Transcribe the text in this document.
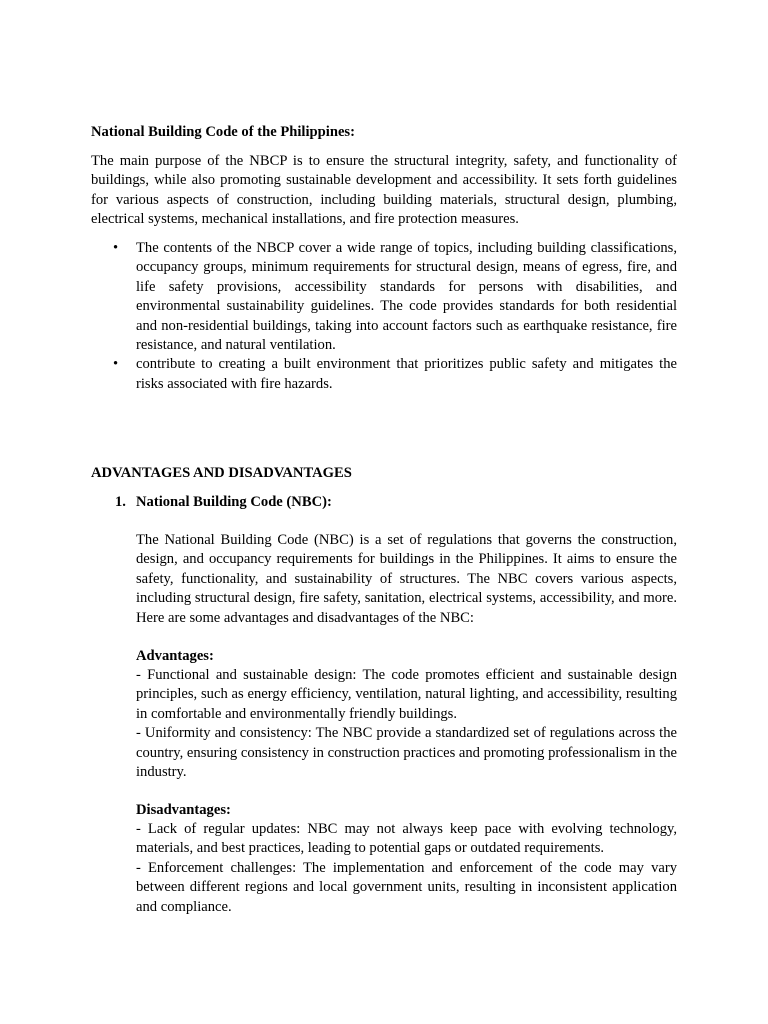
National Building Code of the Philippines:
The main purpose of the NBCP is to ensure the structural integrity, safety, and functionality of buildings, while also promoting sustainable development and accessibility. It sets forth guidelines for various aspects of construction, including building materials, structural design, plumbing, electrical systems, mechanical installations, and fire protection measures.
• The contents of the NBCP cover a wide range of topics, including building classifications, occupancy groups, minimum requirements for structural design, means of egress, fire, and life safety provisions, accessibility standards for persons with disabilities, and environmental sustainability guidelines. The code provides standards for both residential and non-residential buildings, taking into account factors such as earthquake resistance, fire resistance, and natural ventilation.
• contribute to creating a built environment that prioritizes public safety and mitigates the risks associated with fire hazards.
ADVANTAGES AND DISADVANTAGES
1. National Building Code (NBC):
The National Building Code (NBC) is a set of regulations that governs the construction, design, and occupancy requirements for buildings in the Philippines. It aims to ensure the safety, functionality, and sustainability of structures. The NBC covers various aspects, including structural design, fire safety, sanitation, electrical systems, accessibility, and more. Here are some advantages and disadvantages of the NBC:
Advantages:

- Functional and sustainable design: The code promotes efficient and sustainable design principles, such as energy efficiency, ventilation, natural lighting, and accessibility, resulting in comfortable and environmentally friendly buildings.

- Uniformity and consistency: The NBC provide a standardized set of regulations across the country, ensuring consistency in construction practices and promoting professionalism in the industry.

Disadvantages:

- Lack of regular updates: NBC may not always keep pace with evolving technology, materials, and best practices, leading to potential gaps or outdated requirements.

- Enforcement challenges: The implementation and enforcement of the code may vary between different regions and local government units, resulting in inconsistent application and compliance.
